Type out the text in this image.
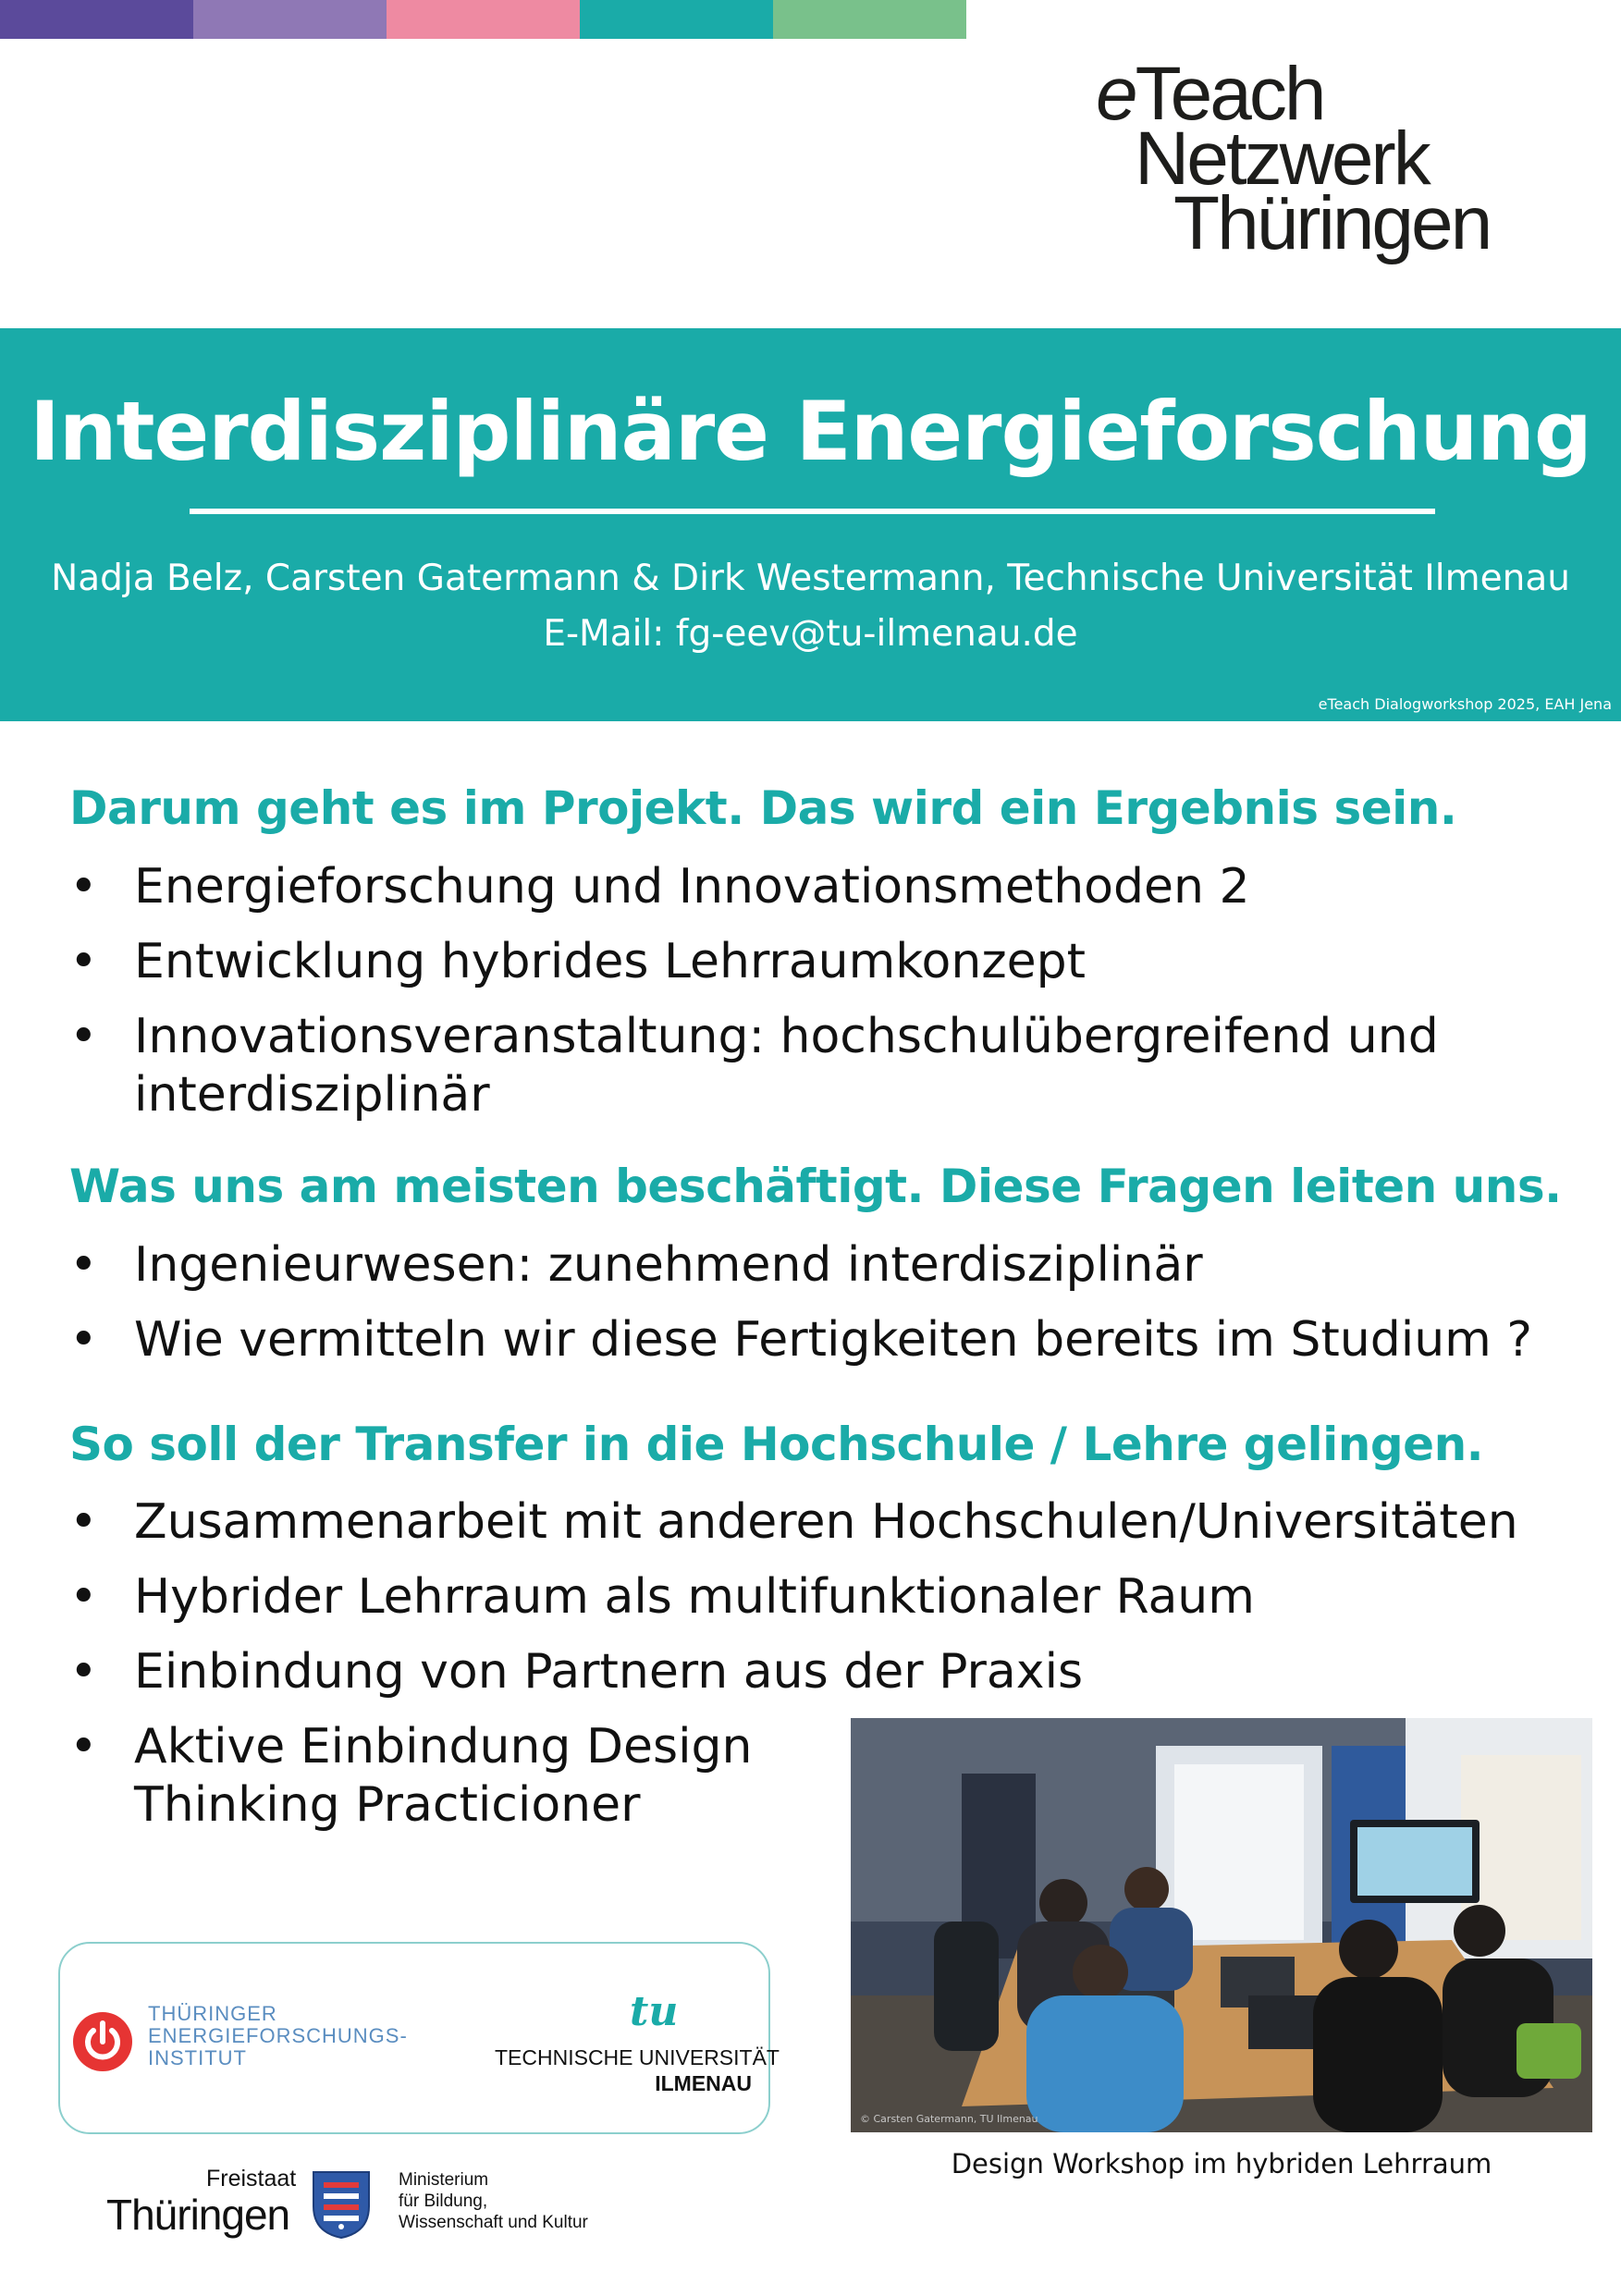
eTeach
Netzwerk
Thüringen
Interdisziplinäre Energieforschung
Nadja Belz, Carsten Gatermann & Dirk Westermann, Technische Universität Ilmenau
E-Mail: fg-eev@tu-ilmenau.de
eTeach Dialogworkshop 2025, EAH Jena
Darum geht es im Projekt. Das wird ein Ergebnis sein.
• Energieforschung und Innovationsmethoden 2
• Entwicklung hybrides Lehrraumkonzept
• Innovationsveranstaltung: hochschulübergreifend und
interdisziplinär
Was uns am meisten beschäftigt. Diese Fragen leiten uns.
• Ingenieurwesen: zunehmend interdisziplinär
• Wie vermitteln wir diese Fertigkeiten bereits im Studium ?
So soll der Transfer in die Hochschule / Lehre gelingen.
• Zusammenarbeit mit anderen Hochschulen/Universitäten
• Hybrider Lehrraum als multifunktionaler Raum
• Einbindung von Partnern aus der Praxis
• Aktive Einbindung Design
Thinking Practicioner
© Carsten Gatermann, TU Ilmenau
Design Workshop im hybriden Lehrraum
THÜRINGER
ENERGIEFORSCHUNGS-
INSTITUT
tu
TECHNISCHE UNIVERSITÄT
ILMENAU
Freistaat
Thüringen
Ministerium
für Bildung,
Wissenschaft und Kultur
